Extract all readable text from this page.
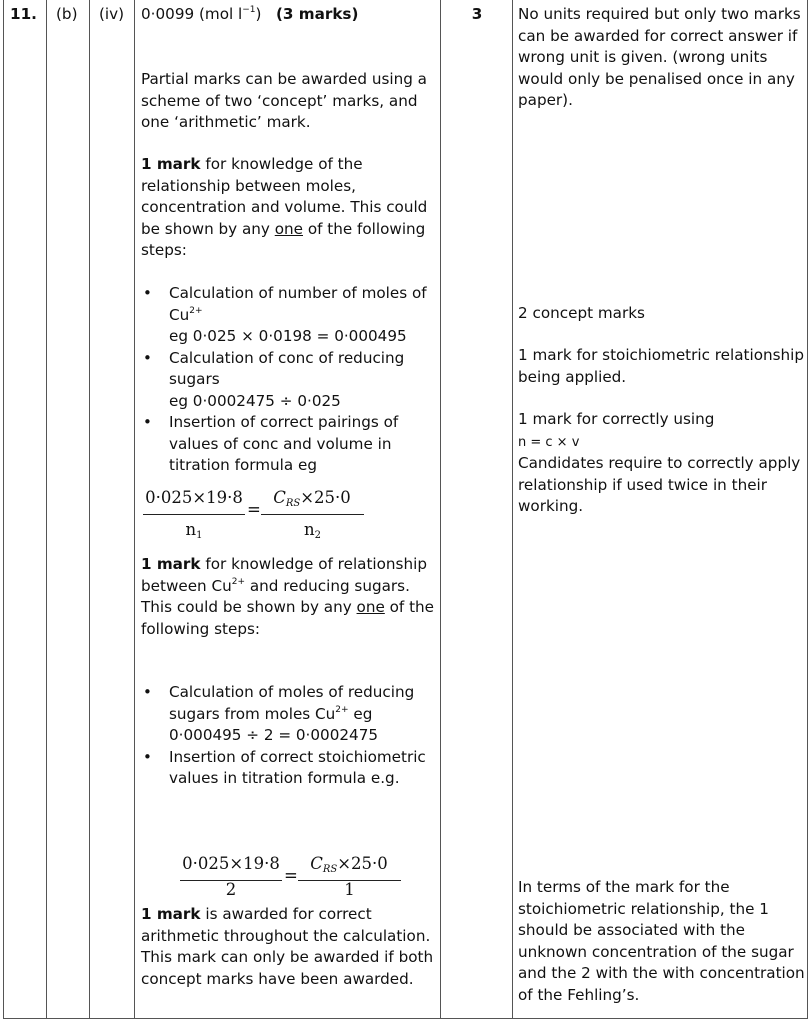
11. (b) (iv) 0·0099 (mol $l^{-1}$) (3 marks)
Partial marks can be awarded using a scheme of two ‘concept’ marks, and one ‘arithmetic’ mark.
1 mark for knowledge of the relationship between moles, concentration and volume. This could be shown by any one of the following steps:
• Calculation of number of moles of $Cu^{2+}$
eg 0·025 × 0·0198 = 0·000495
• Calculation of conc of reducing sugars
eg 0·0002475 ÷ 0·025
• Insertion of correct pairings of values of conc and volume in titration formula eg
0·025×19·8
$n_1$
=
$C_{RS}\times 25\cdot 0$
$n_2$
1 mark for knowledge of relationship between $Cu^{2+}$ and reducing sugars. This could be shown by any one of the following steps:
• Calculation of moles of reducing sugars from moles $Cu^{2+}$ eg
0·000495 ÷ 2 = 0·0002475
• Insertion of correct stoichiometric values in titration formula e.g.
0·025×19·8
2
=
$C_{RS}\times 25\cdot 0$
1
1 mark is awarded for correct arithmetic throughout the calculation. This mark can only be awarded if both concept marks have been awarded.
3	No units required but only two marks can be awarded for correct answer if wrong unit is given. (wrong units would only be penalised once in any paper).
2 concept marks
1 mark for stoichiometric relationship being applied.
1 mark for correctly using
n = c × v
Candidates require to correctly apply relationship if used twice in their working.
In terms of the mark for the stoichiometric relationship, the 1 should be associated with the unknown concentration of the sugar and the 2 with the with concentration of the Fehling’s.
